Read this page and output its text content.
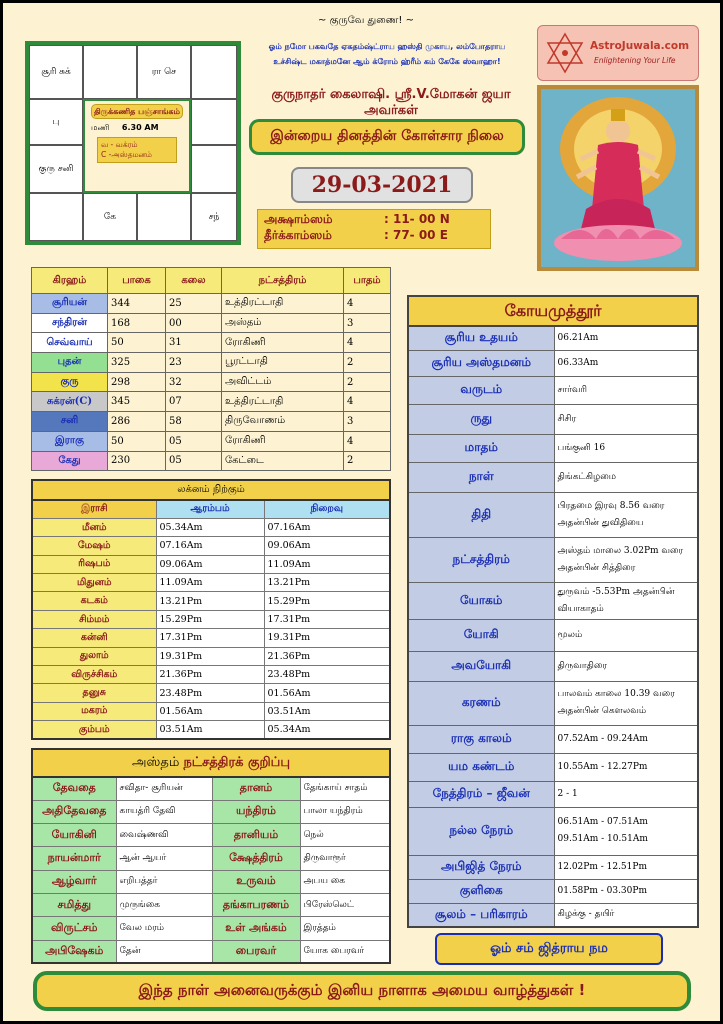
~ குருவே துணை! ~
ஓம் நமோ பகவதே ஏகதம்ஷ்ட்ராய ஹஸ்தி முகாய, லம்போதராய
உச்சிஷ்ட மகாத்மனே ஆம் க்ரோம் ஹ்ரீம் கம் கேகே ஸ்வாஹா!
குருநாதர் கைலாஷி. ஸ்ரீ.V.மோகன் ஜயா அவர்கள்
இன்றைய தினத்தின் கோள்சார நிலை
29-03-2021
அக்ஷாம்ஸம்	: 11- 00 N
தீர்க்காம்ஸம்	: 77- 00 E
AstroJuwala.com
Enlightening Your Life
சூரி சுக்	ரா செ
பு
குரு சனி
கே	சந்
திருக்கணித பஞ்சாங்கம்
மணி 6.30 AM
வ - வக்ரம்
C -அஸ்தமனம்
கிரஹம்	பாகை	கலை	நட்சத்திரம்	பாதம்
சூரியன்	344	25	உத்திரட்டாதி	4
சந்திரன்	168	00	அஸ்தம்	3
செவ்வாய்	50	31	ரோகிணி	4
புதன்	325	23	பூரட்டாதி	2
குரு	298	32	அவிட்டம்	2
சுக்ரன்(C)	345	07	உத்திரட்டாதி	4
சனி	286	58	திருவோணம்	3
இராகு	50	05	ரோகிணி	4
கேது	230	05	கேட்டை	2
லக்னம் நிற்கும்
இராசி	ஆரம்பம்	நிறைவு
மீனம்	05.34Am	07.16Am
மேஷம்	07.16Am	09.06Am
ரிஷபம்	09.06Am	11.09Am
மிதுனம்	11.09Am	13.21Pm
கடகம்	13.21Pm	15.29Pm
சிம்மம்	15.29Pm	17.31Pm
கன்னி	17.31Pm	19.31Pm
துலாம்	19.31Pm	21.36Pm
விருச்சிகம்	21.36Pm	23.48Pm
தனுசு	23.48Pm	01.56Am
மகரம்	01.56Am	03.51Am
கும்பம்	03.51Am	05.34Am
அஸ்தம் நட்சத்திரக் குறிப்பு
தேவதை	சவிதா- சூரியன்	தானம்	தேங்காய் சாதம்
அதிதேவதை	காயத்ரி தேவி	யந்திரம்	பாலா யந்திரம்
யோகினி	வைஷ்ணவி	தானியம்	நெல்
நாயன்மார்	ஆன் ஆயர்	க்ஷேத்திரம்	திருவாரூர்
ஆழ்வார்	எறிபத்தர்	உருவம்	அபய கை
சமித்து	முருங்கை	தங்காபரணம்	பிரேஸ்லெட்
விருட்சம்	வேல மரம்	உள் அங்கம்	இரத்தம்
அபிஷேகம்	தேன்	பைரவர்	யோக பைரவர்
கோயமுத்தூர்
சூரிய உதயம்	06.21Am
சூரிய அஸ்தமனம்	06.33Am
வருடம்	சார்வரி
ருது	சிசிர
மாதம்	பங்குனி 16
நாள்	திங்கட்கிழமை
திதி	பிரதமை இரவு 8.56 வரை அதன்பின் துவிதியை
நட்சத்திரம்	அஸ்தம் மாலை 3.02Pm வரை அதன்பின் சித்திரை
யோகம்	துருவம் -5.53Pm அதன்பின் வியாகாதம்
யோகி	மூலம்
அவயோகி	திருவாதிரை
கரணம்	பாலவம் காலை 10.39 வரை அதன்பின் கௌலவம்
ராகு காலம்	07.52Am - 09.24Am
யம கண்டம்	10.55Am - 12.27Pm
நேத்திரம் – ஜீவன்	2 - 1
நல்ல நேரம்	06.51Am - 07.51Am
09.51Am - 10.51Am
அபிஜித் நேரம்	12.02Pm - 12.51Pm
குளிகை	01.58Pm - 03.30Pm
சூலம் – பரிகாரம்	கிழக்கு - தயிர்
ஓம் சம் ஜித்ராய நம
இந்த நாள் அனைவருக்கும் இனிய நாளாக அமைய வாழ்த்துகள் !
